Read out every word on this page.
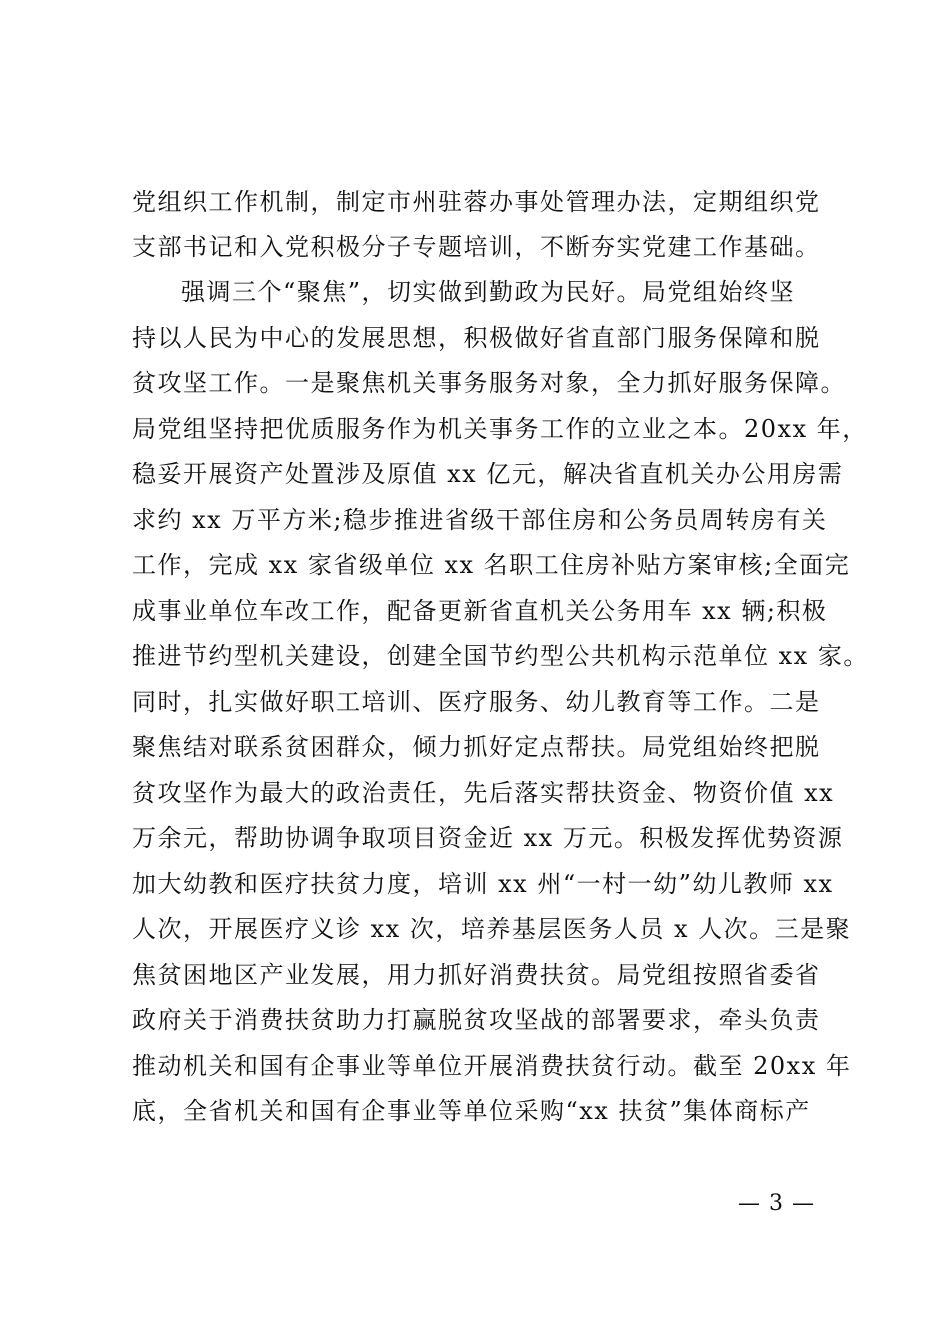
党组织工作机制，制定市州驻蓉办事处管理办法，定期组织党
支部书记和入党积极分子专题培训，不断夯实党建工作基础。
强调三个“聚焦”，切实做到勤政为民好。局党组始终坚
持以人民为中心的发展思想，积极做好省直部门服务保障和脱
贫攻坚工作。一是聚焦机关事务服务对象，全力抓好服务保障。
局党组坚持把优质服务作为机关事务工作的立业之本。20xx 年，
稳妥开展资产处置涉及原值 xx 亿元，解决省直机关办公用房需
求约 xx 万平方米;稳步推进省级干部住房和公务员周转房有关
工作，完成 xx 家省级单位 xx 名职工住房补贴方案审核;全面完
成事业单位车改工作，配备更新省直机关公务用车 xx 辆;积极
推进节约型机关建设，创建全国节约型公共机构示范单位 xx 家。
同时，扎实做好职工培训、医疗服务、幼儿教育等工作。二是
聚焦结对联系贫困群众，倾力抓好定点帮扶。局党组始终把脱
贫攻坚作为最大的政治责任，先后落实帮扶资金、物资价值 xx
万余元，帮助协调争取项目资金近 xx 万元。积极发挥优势资源
加大幼教和医疗扶贫力度，培训 xx 州“一村一幼”幼儿教师 xx
人次，开展医疗义诊 xx 次，培养基层医务人员 x 人次。三是聚
焦贫困地区产业发展，用力抓好消费扶贫。局党组按照省委省
政府关于消费扶贫助力打赢脱贫攻坚战的部署要求，牵头负责
推动机关和国有企事业等单位开展消费扶贫行动。截至 20xx 年
底，全省机关和国有企事业等单位采购“xx 扶贫”集体商标产
— 3 —
